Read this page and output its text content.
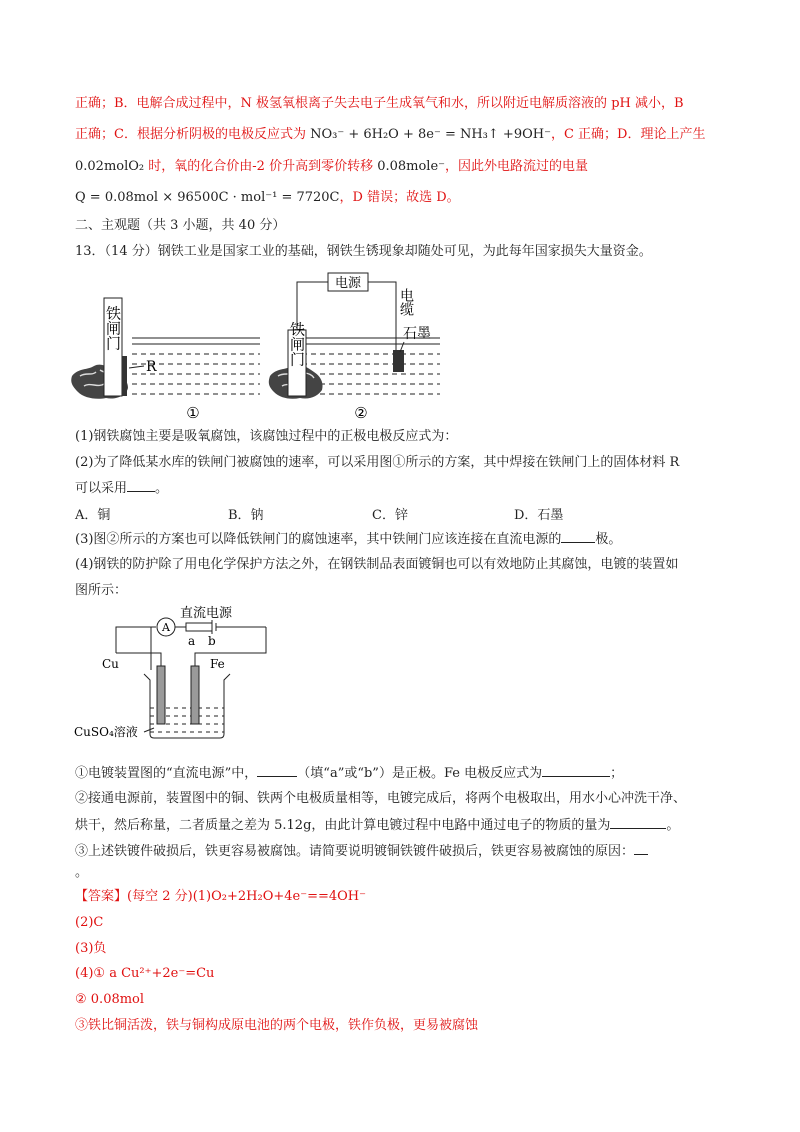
正确；B．电解合成过程中，N 极氢氧根离子失去电子生成氧气和水，所以附近电解质溶液的 pH 减小，B
正确；C．根据分析阴极的电极反应式为 NO₃⁻ + 6H₂O + 8e⁻ = NH₃↑ +9OH⁻，C 正确；D．理论上产生
0.02molO₂ 时，氧的化合价由-2 价升高到零价转移 0.08mole⁻，因此外电路流过的电量
Q = 0.08mol × 96500C · mol⁻¹ = 7720C，D 错误；故选 D。
二、主观题（共 3 小题，共 40 分）
13．（14 分）钢铁工业是国家工业的基础，钢铁生锈现象却随处可见，为此每年国家损失大量资金。
铁闸门
R
①
铁闸门
电源
电缆
石墨
②
(1)钢铁腐蚀主要是吸氧腐蚀，该腐蚀过程中的正极电极反应式为：
(2)为了降低某水库的铁闸门被腐蚀的速率，可以采用图①所示的方案，其中焊接在铁闸门上的固体材料 R
可以采用 。
A．铜	B．钠	C．锌	D．石墨
(3)图②所示的方案也可以降低铁闸门的腐蚀速率，其中铁闸门应该连接在直流电源的	极。
(4)钢铁的防护除了用电化学保护方法之外，在钢铁制品表面镀铜也可以有效地防止其腐蚀，电镀的装置如
图所示：
直流电源
A
a b
Cu	Fe
CuSO₄溶液
①电镀装置图的“直流电源”中，	（填“a”或“b”）是正极。Fe 电极反应式为	；
②接通电源前，装置图中的铜、铁两个电极质量相等，电镀完成后，将两个电极取出，用水小心冲洗干净、
烘干，然后称量，二者质量之差为 5.12g，由此计算电镀过程中电路中通过电子的物质的量为	。
③上述铁镀件破损后，铁更容易被腐蚀。请简要说明镀铜铁镀件破损后，铁更容易被腐蚀的原因：
。
【答案】(每空 2 分)(1)O₂+2H₂O+4e⁻==4OH⁻
(2)C
(3)负
(4)① a Cu²⁺+2e⁻=Cu
② 0.08mol
③铁比铜活泼，铁与铜构成原电池的两个电极，铁作负极，更易被腐蚀
